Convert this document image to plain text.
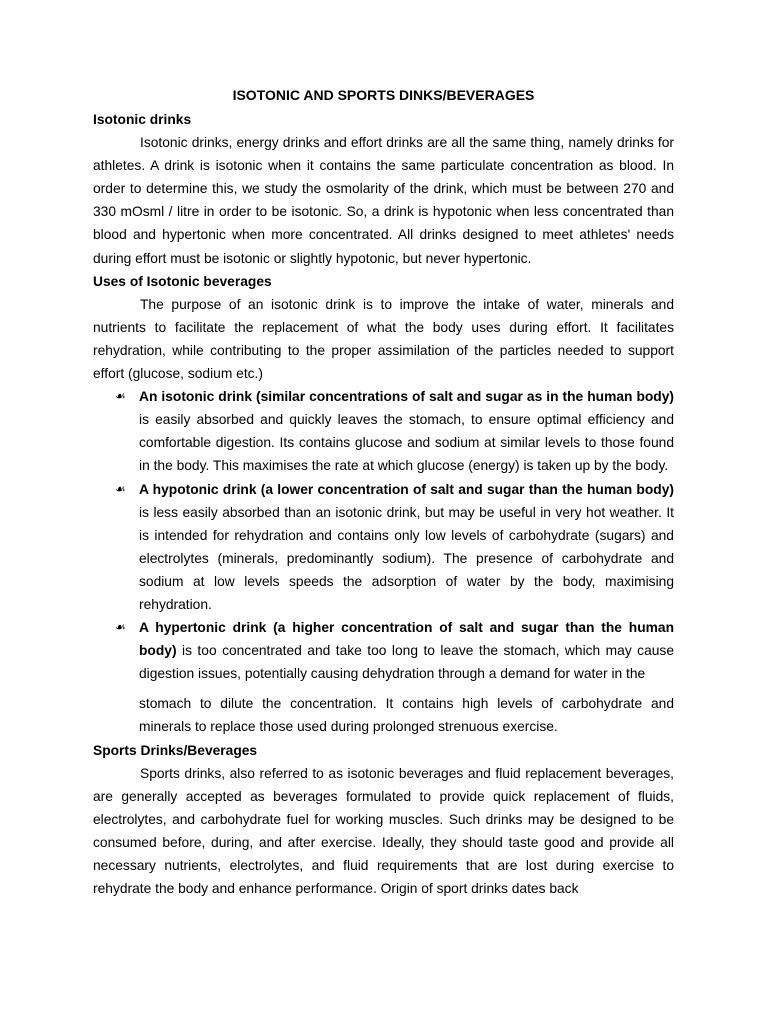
ISOTONIC AND SPORTS DINKS/BEVERAGES
Isotonic drinks

Isotonic drinks, energy drinks and effort drinks are all the same thing, namely drinks for athletes. A drink is isotonic when it contains the same particulate concentration as blood. In order to determine this, we study the osmolarity of the drink, which must be between 270 and 330 mOsml / litre in order to be isotonic. So, a drink is hypotonic when less concentrated than blood and hypertonic when more concentrated. All drinks designed to meet athletes' needs during effort must be isotonic or slightly hypotonic, but never hypertonic.

Uses of Isotonic beverages

The purpose of an isotonic drink is to improve the intake of water, minerals and nutrients to facilitate the replacement of what the body uses during effort. It facilitates rehydration, while contributing to the proper assimilation of the particles needed to support effort (glucose, sodium etc.)

☙ An isotonic drink (similar concentrations of salt and sugar as in the human body) is easily absorbed and quickly leaves the stomach, to ensure optimal efficiency and comfortable digestion. Its contains glucose and sodium at similar levels to those found in the body. This maximises the rate at which glucose (energy) is taken up by the body.
☙ A hypotonic drink (a lower concentration of salt and sugar than the human body) is less easily absorbed than an isotonic drink, but may be useful in very hot weather. It is intended for rehydration and contains only low levels of carbohydrate (sugars) and electrolytes (minerals, predominantly sodium). The presence of carbohydrate and sodium at low levels speeds the adsorption of water by the body, maximising rehydration.
☙ A hypertonic drink (a higher concentration of salt and sugar than the human body) is too concentrated and take too long to leave the stomach, which may cause digestion issues, potentially causing dehydration through a demand for water in the
stomach to dilute the concentration. It contains high levels of carbohydrate and minerals to replace those used during prolonged strenuous exercise.
Sports Drinks/Beverages

Sports drinks, also referred to as isotonic beverages and fluid replacement beverages, are generally accepted as beverages formulated to provide quick replacement of fluids, electrolytes, and carbohydrate fuel for working muscles. Such drinks may be designed to be consumed before, during, and after exercise. Ideally, they should taste good and provide all necessary nutrients, electrolytes, and fluid requirements that are lost during exercise to rehydrate the body and enhance performance. Origin of sport drinks dates back
